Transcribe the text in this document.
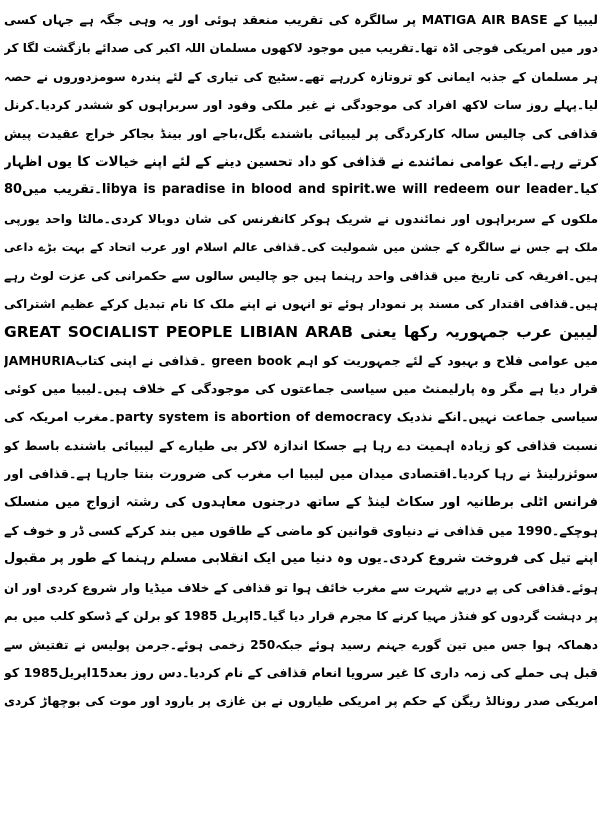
لیبیا کے MATIGA AIR BASE پر سالگرہ کی تقریب منعقد ہوئی اور یہ وہی جگہ ہے جہاں کسی
دور میں امریکی فوجی اڈہ تھا۔تقریب میں موجود لاکھوں مسلمان اللہ اکبر کی صدائے بازگشت لگا کر
ہر مسلمان کے جذبہ ایمانی کو تروتازہ کررہے تھے۔سٹیج کی تیاری کے لئے پندرہ سومزدوروں نے حصہ
لیا۔پہلے روز سات لاکھ افراد کی موجودگی نے غیر ملکی وفود اور سربراہوں کو ششدر کردیا۔کرنل
قذافی کی چالیس سالہ کارکردگی پر لیبیائی باشندے بگل،باجے اور بینڈ بجاکر خراج عقیدت پیش
کرتے رہے۔ایک عوامی نمائندے نے قذافی کو داد تحسین دینے کے لئے اپنے خیالات کا یوں اظہار
کیا۔libya is paradise in blood and spirit.we will redeem our leader۔تقریب میں80
ملکوں کے سربراہوں اور نمائندوں نے شریک ہوکر کانفرنس کی شان دوبالا کردی۔مالٹا واحد یورپی
ملک ہے جس نے سالگرہ کے جشن میں شمولیت کی۔قذافی عالم اسلام اور عرب اتحاد کے بہت بڑے داعی
ہیں۔افریقہ کی تاریخ میں قذافی واحد رہنما ہیں جو چالیس سالوں سے حکمرانی کی عزت لوٹ رہے
ہیں۔قذافی اقتدار کی مسند پر نمودار ہوئے تو انہوں نے اپنے ملک کا نام تبدیل کرکے عظیم اشتراکی
لیبین عرب جمہوریہ رکھا یعنی GREAT SOCIALIST PEOPLE LIBIAN ARAB
JAMHURIA۔قذافی نے اپنی کتاب green book میں عوامی فلاح و بہبود کے لئے جمہوریت کو اہم
قرار دیا ہے مگر وہ پارلیمنٹ میں سیاسی جماعتوں کی موجودگی کے خلاف ہیں۔لیبیا میں کوئی
سیاسی جماعت نہیں۔انکے نذدیک party system is abortion of democracy۔مغرب امریکہ کی
نسبت قذافی کو زیادہ اہمیت دے رہا ہے جسکا اندازہ لاکر بی طیارے کے لیبیائی باشندے باسط کو
سوئزرلینڈ نے رہا کردیا۔اقتصادی میدان میں لیبیا اب مغرب کی ضرورت بنتا جارہا ہے۔قذافی اور
فرانس اٹلی برطانیہ اور سکاٹ لینڈ کے ساتھ درجنوں معاہدوں کی رشتہ ازواج میں منسلک
ہوچکے۔1990 میں قذافی نے دنیاوی قوانین کو ماضی کے طاقوں میں بند کرکے کسی ڈر و خوف کے
اپنے تیل کی فروخت شروع کردی۔یوں وہ دنیا میں ایک انقلابی مسلم رہنما کے طور پر مقبول
ہوئے۔قذافی کی پے درپے شہرت سے مغرب خائف ہوا تو قذافی کے خلاف میڈیا وار شروع کردی اور ان
پر دہشت گردوں کو فنڈز مہیا کرنے کا مجرم قرار دیا گیا۔5اپریل 1985 کو برلن کے ڈسکو کلب میں بم
دھماکہ ہوا جس میں تین گورے جہنم رسید ہوئے جبکہ250 زخمی ہوئے۔جرمن پولیس نے تفتیش سے
قبل ہی حملے کی زمہ داری کا غیر سرویا انعام قذافی کے نام کردیا۔دس روز بعد15اپریل1985 کو
امریکی صدر رونالڈ ریگن کے حکم پر امریکی طیاروں نے بن غازی پر بارود اور موت کی بوچھاڑ کردی
